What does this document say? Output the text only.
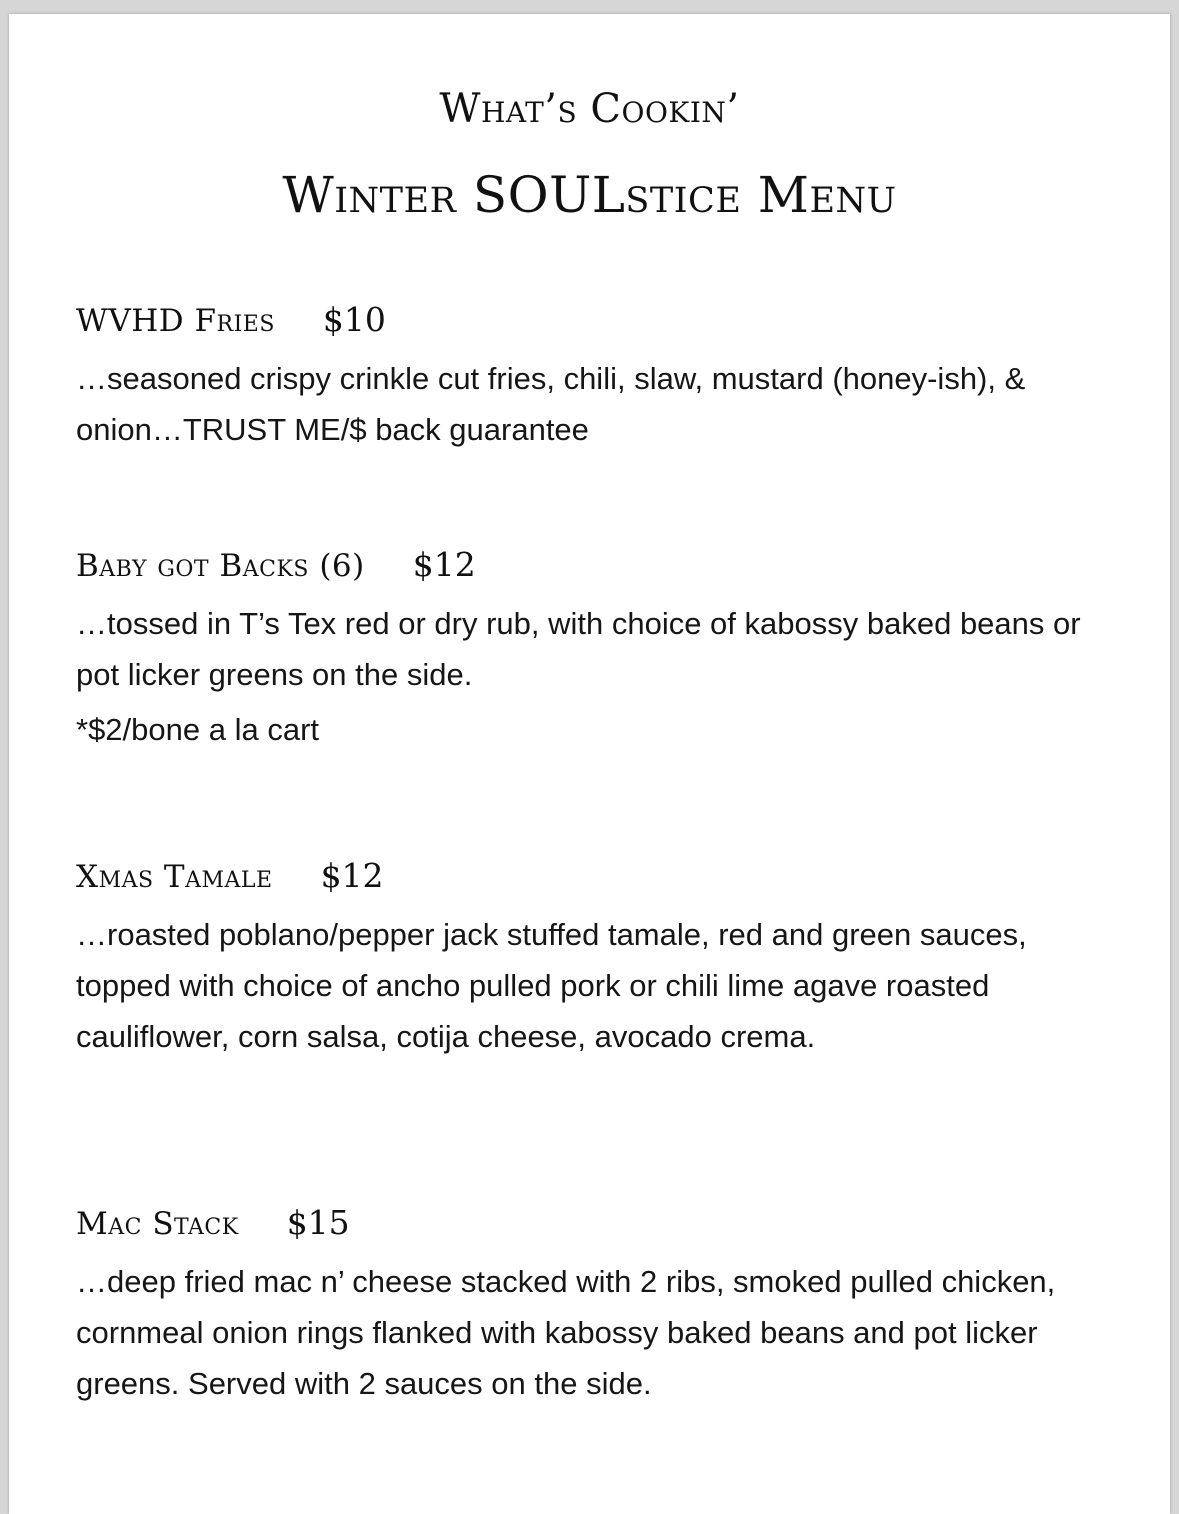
What’s Cookin’
Winter SOULstice Menu
WVHD Fries $10
…seasoned crispy crinkle cut fries, chili, slaw, mustard (honey-ish), & onion…TRUST ME/$ back guarantee
Baby got Backs (6) $12
…tossed in T’s Tex red or dry rub, with choice of kabossy baked beans or pot licker greens on the side.
*$2/bone a la cart
Xmas Tamale $12
…roasted poblano/pepper jack stuffed tamale, red and green sauces, topped with choice of ancho pulled pork or chili lime agave roasted cauliflower, corn salsa, cotija cheese, avocado crema.
Mac Stack $15
…deep fried mac n’ cheese stacked with 2 ribs, smoked pulled chicken, cornmeal onion rings flanked with kabossy baked beans and pot licker greens. Served with 2 sauces on the side.
